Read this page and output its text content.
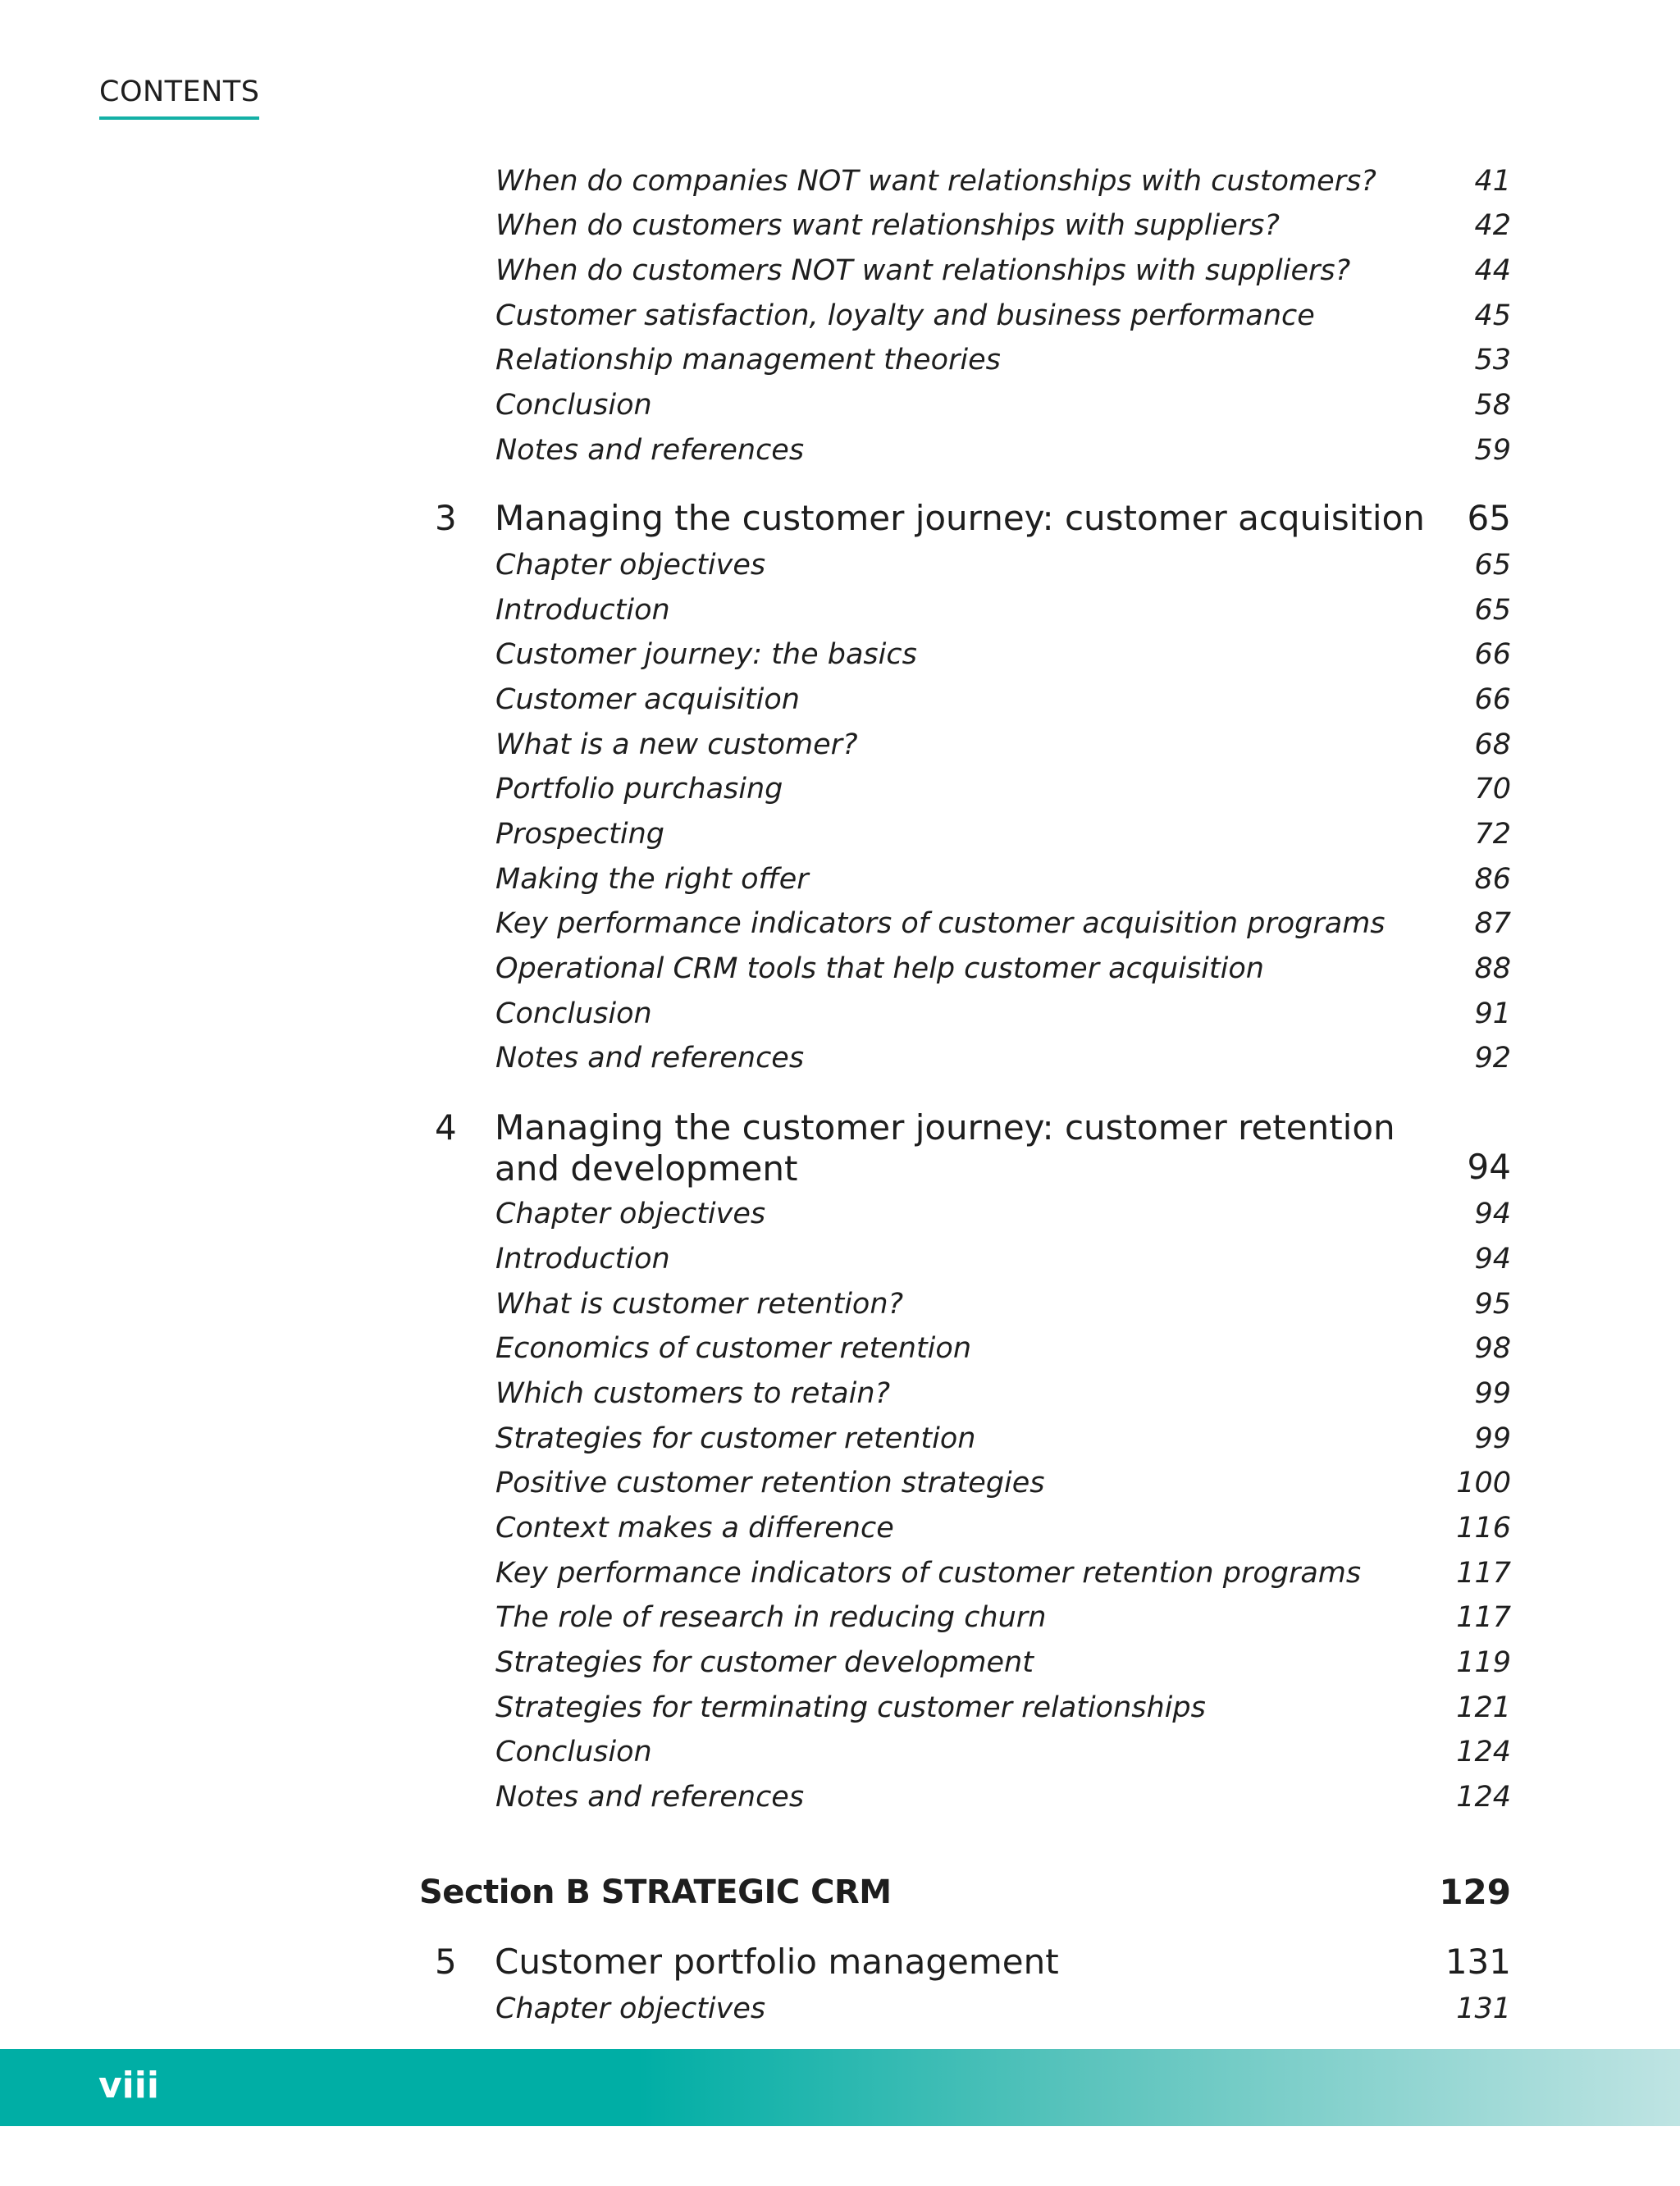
CONTENTS
When do companies NOT want relationships with customers?	41
When do customers want relationships with suppliers?	42
When do customers NOT want relationships with suppliers?	44
Customer satisfaction, loyalty and business performance	45
Relationship management theories	53
Conclusion	58
Notes and references	59
3 Managing the customer journey: customer acquisition 65
Chapter objectives	65
Introduction	65
Customer journey: the basics	66
Customer acquisition	66
What is a new customer?	68
Portfolio purchasing	70
Prospecting	72
Making the right offer	86
Key performance indicators of customer acquisition programs	87
Operational CRM tools that help customer acquisition	88
Conclusion	91
Notes and references	92
4 Managing the customer journey: customer retention
and development	94
Chapter objectives	94
Introduction	94
What is customer retention?	95
Economics of customer retention	98
Which customers to retain?	99
Strategies for customer retention	99
Positive customer retention strategies	100
Context makes a difference	116
Key performance indicators of customer retention programs	117
The role of research in reducing churn	117
Strategies for customer development	119
Strategies for terminating customer relationships	121
Conclusion	124
Notes and references	124
Section B STRATEGIC CRM	129
5 Customer portfolio management	131
Chapter objectives	131
viii
